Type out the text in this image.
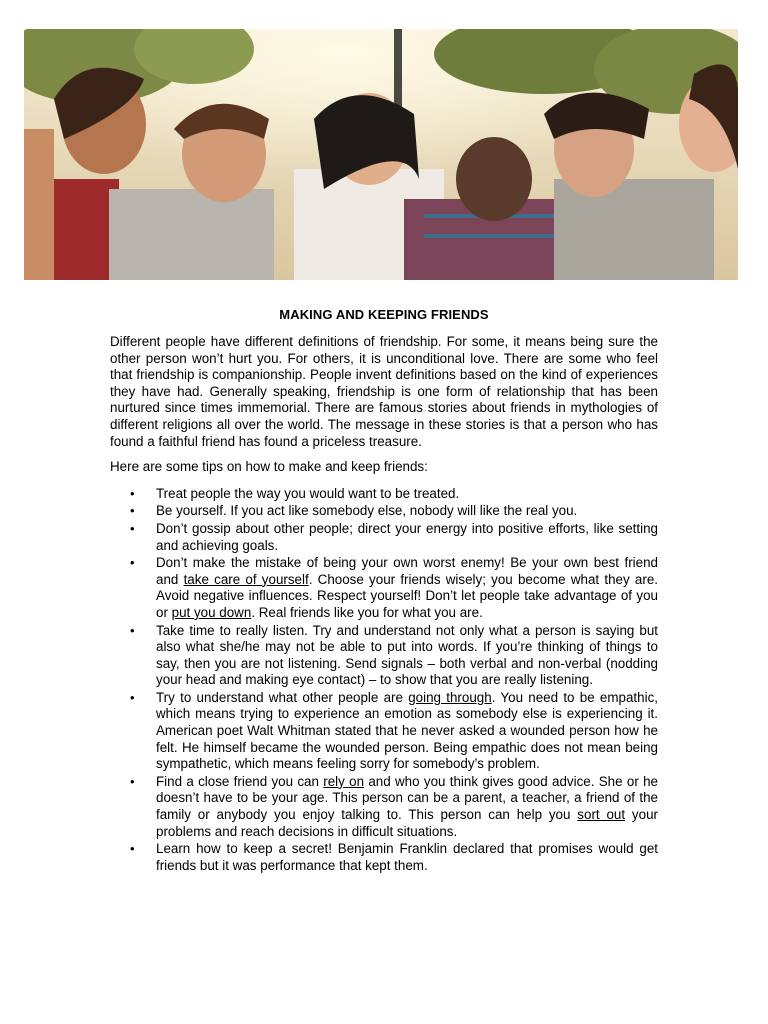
MAKING AND KEEPING FRIENDS

Different people have different definitions of friendship. For some, it means being sure the other person won’t hurt you. For others, it is unconditional love. There are some who feel that friendship is companionship. People invent definitions based on the kind of experiences they have had. Generally speaking, friendship is one form of relationship that has been nurtured since times immemorial. There are famous stories about friends in mythologies of different religions all over the world. The message in these stories is that a person who has found a faithful friend has found a priceless treasure.

Here are some tips on how to make and keep friends:

• Treat people the way you would want to be treated.
• Be yourself. If you act like somebody else, nobody will like the real you.
• Don’t gossip about other people; direct your energy into positive efforts, like setting and achieving goals.
• Don’t make the mistake of being your own worst enemy! Be your own best friend and take care of yourself. Choose your friends wisely; you become what they are. Avoid negative influences. Respect yourself! Don’t let people take advantage of you or put you down. Real friends like you for what you are.
• Take time to really listen. Try and understand not only what a person is saying but also what she/he may not be able to put into words. If you’re thinking of things to say, then you are not listening. Send signals – both verbal and non-verbal (nodding your head and making eye contact) – to show that you are really listening.
• Try to understand what other people are going through. You need to be empathic, which means trying to experience an emotion as somebody else is experiencing it. American poet Walt Whitman stated that he never asked a wounded person how he felt. He himself became the wounded person. Being empathic does not mean being sympathetic, which means feeling sorry for somebody’s problem.
• Find a close friend you can rely on and who you think gives good advice. She or he doesn’t have to be your age. This person can be a parent, a teacher, a friend of the family or anybody you enjoy talking to. This person can help you sort out your problems and reach decisions in difficult situations.
• Learn how to keep a secret! Benjamin Franklin declared that promises would get friends but it was performance that kept them.
